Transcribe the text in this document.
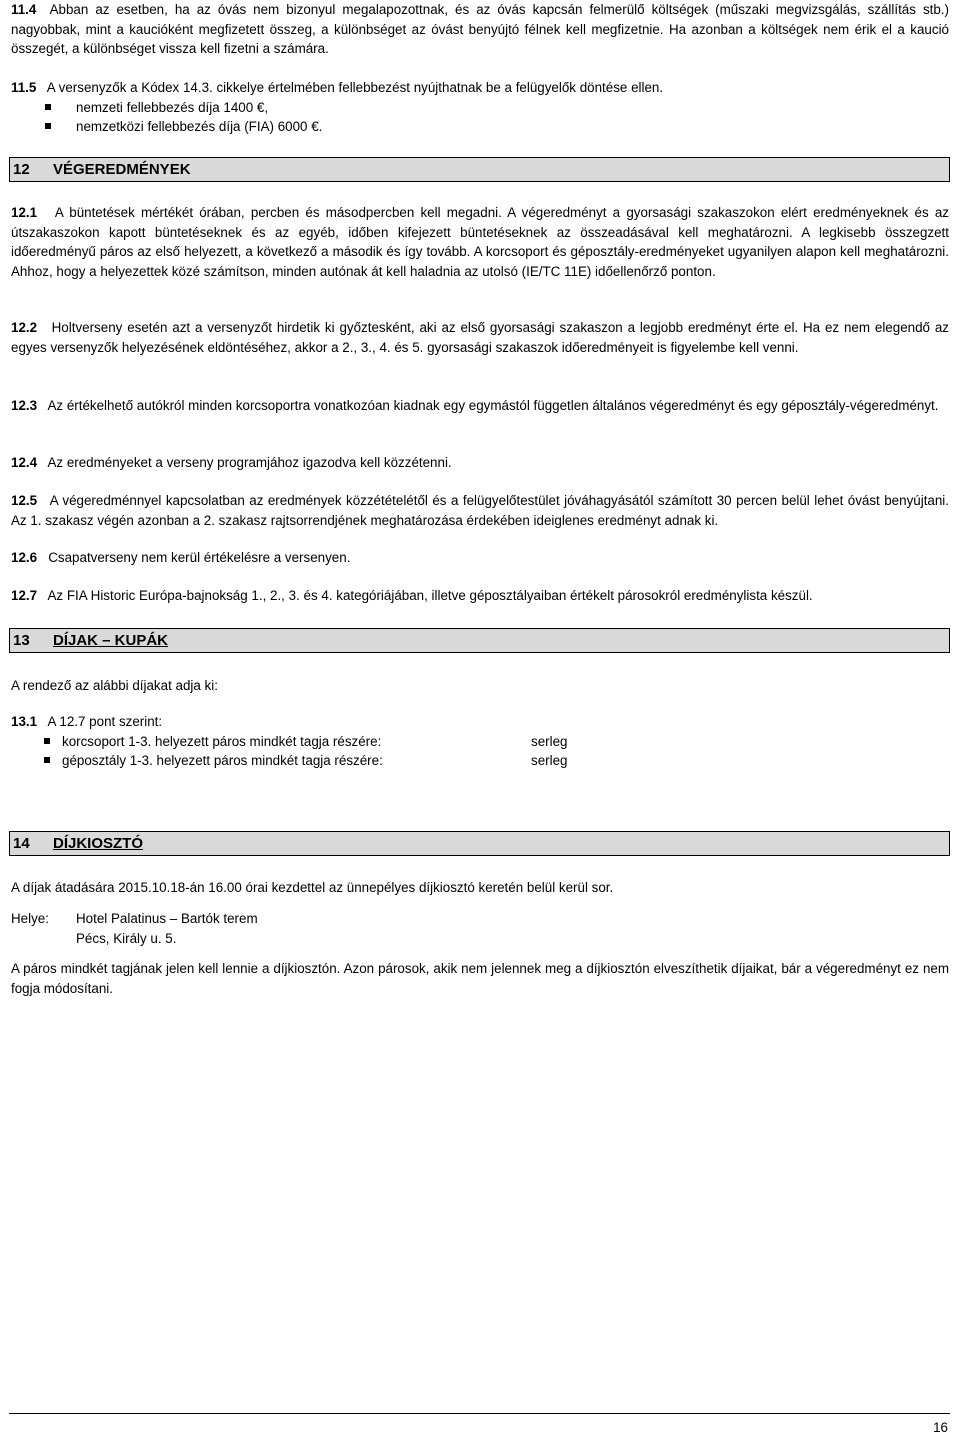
11.4 Abban az esetben, ha az óvás nem bizonyul megalapozottnak, és az óvás kapcsán felmerülő költségek (műszaki megvizsgálás, szállítás stb.) nagyobbak, mint a kaucióként megfizetett összeg, a különbséget az óvást benyújtó félnek kell megfizetnie. Ha azonban a költségek nem érik el a kaució összegét, a különbséget vissza kell fizetni a számára.

11.5 A versenyzők a Kódex 14.3. cikkelye értelmében fellebbezést nyújthatnak be a felügyelők döntése ellen.

nemzeti fellebbezés díja 1400 €,
nemzetközi fellebbezés díja (FIA) 6000 €.
12 VÉGEREDMÉNYEK

12.1 A büntetések mértékét órában, percben és másodpercben kell megadni. A végeredményt a gyorsasági szakaszokon elért eredményeknek és az útszakaszokon kapott büntetéseknek és az egyéb, időben kifejezett büntetéseknek az összeadásával kell meghatározni. A legkisebb összegzett időeredményű páros az első helyezett, a következő a második és így tovább. A korcsoport és géposztály-eredményeket ugyanilyen alapon kell meghatározni. Ahhoz, hogy a helyezettek közé számítson, minden autónak át kell haladnia az utolsó (IE/TC 11E) időellenőrző ponton.

12.2 Holtverseny esetén azt a versenyzőt hirdetik ki győztesként, aki az első gyorsasági szakaszon a legjobb eredményt érte el. Ha ez nem elegendő az egyes versenyzők helyezésének eldöntéséhez, akkor a 2., 3., 4. és 5. gyorsasági szakaszok időeredményeit is figyelembe kell venni.

12.3 Az értékelhető autókról minden korcsoportra vonatkozóan kiadnak egy egymástól független általános végeredményt és egy géposztály-végeredményt.

12.4 Az eredményeket a verseny programjához igazodva kell közzétenni.

12.5 A végeredménnyel kapcsolatban az eredmények közzétételétől és a felügyelőtestület jóváhagyásától számított 30 percen belül lehet óvást benyújtani. Az 1. szakasz végén azonban a 2. szakasz rajtsorrendjének meghatározása érdekében ideiglenes eredményt adnak ki.

12.6 Csapatverseny nem kerül értékelésre a versenyen.

12.7 Az FIA Historic Európa-bajnokság 1., 2., 3. és 4. kategóriájában, illetve géposztályaiban értékelt párosokról eredménylista készül.

13 DÍJAK – KUPÁK

A rendező az alábbi díjakat adja ki:

13.1 A 12.7 pont szerint:

korcsoport 1-3. helyezett páros mindkét tagja részére:	serleg
géposztály 1-3. helyezett páros mindkét tagja részére:	serleg
14 DÍJKIOSZTÓ

A díjak átadására 2015.10.18-án 16.00 órai kezdettel az ünnepélyes díjkiosztó keretén belül kerül sor.

Helye: Hotel Palatinus – Bartók terem
Pécs, Király u. 5.

A páros mindkét tagjának jelen kell lennie a díjkiosztón. Azon párosok, akik nem jelennek meg a díjkiosztón elveszíthetik díjaikat, bár a végeredményt ez nem fogja módosítani.

16
